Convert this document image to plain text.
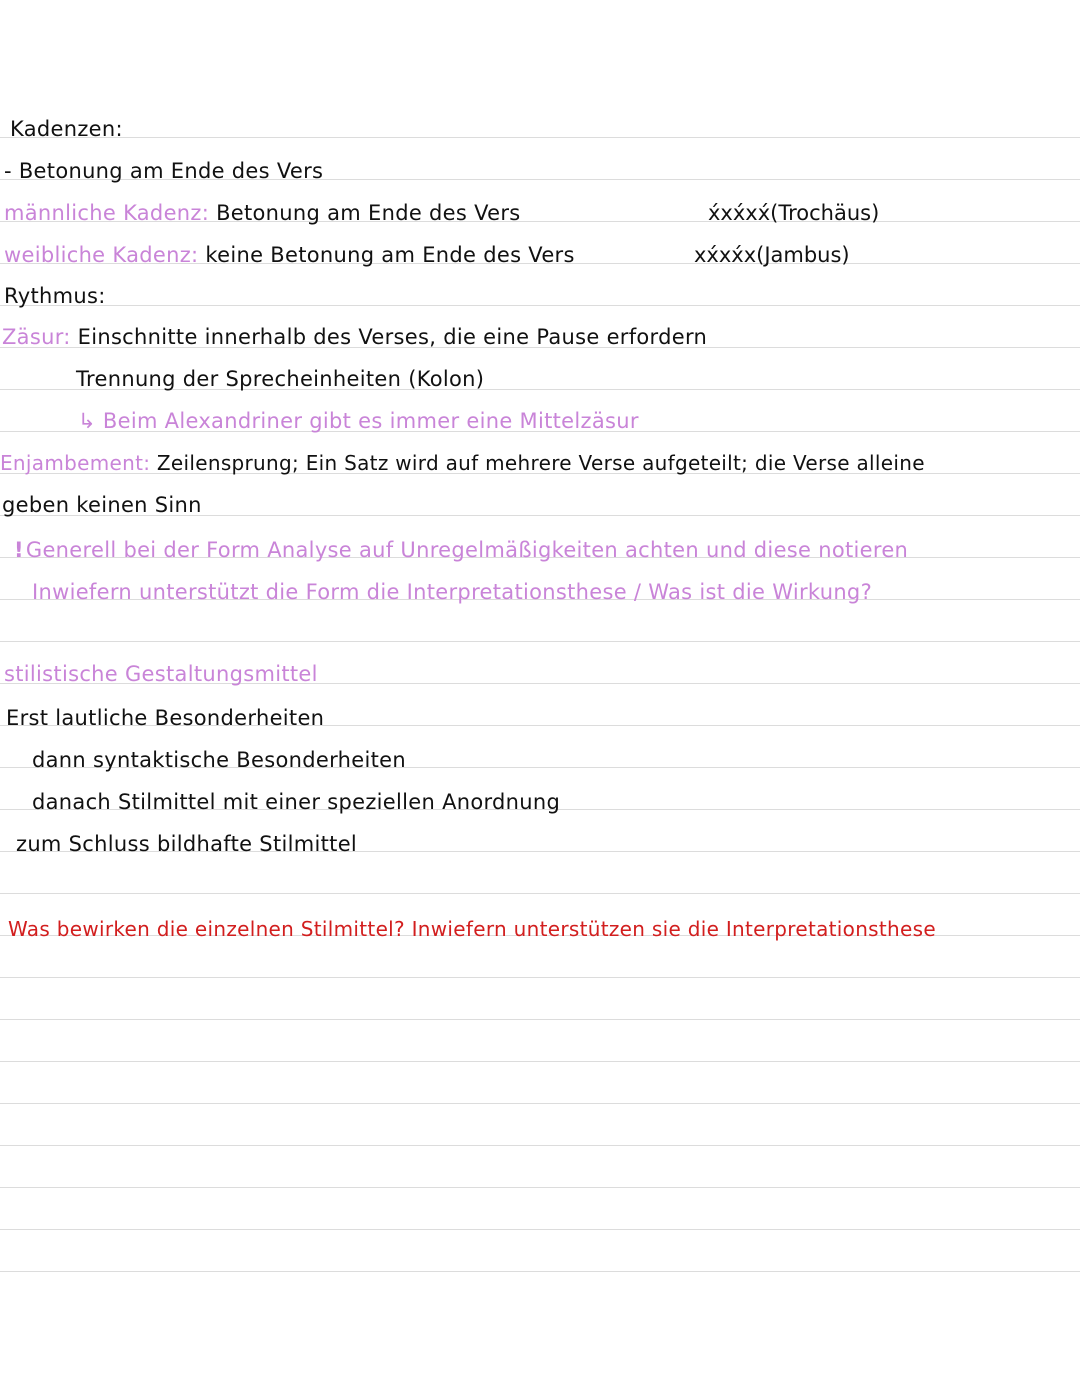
Kadenzen:
- Betonung am Ende des Vers
männliche Kadenz: Betonung am Ende des Vers	x́xx́xx́(Trochäus)
weibliche Kadenz: keine Betonung am Ende des Vers	xx́xx́x(Jambus)
Rythmus:
Zäsur: Einschnitte innerhalb des Verses, die eine Pause erfordern
Trennung der Sprecheinheiten (Kolon)
↳ Beim Alexandriner gibt es immer eine Mittelzäsur
Enjambement: Zeilensprung; Ein Satz wird auf mehrere Verse aufgeteilt; die Verse alleine
geben keinen Sinn
!Generell bei der Form Analyse auf Unregelmäßigkeiten achten und diese notieren
Inwiefern unterstützt die Form die Interpretationsthese / Was ist die Wirkung?
stilistische Gestaltungsmittel
Erst lautliche Besonderheiten
dann syntaktische Besonderheiten
danach Stilmittel mit einer speziellen Anordnung
zum Schluss bildhafte Stilmittel
Was bewirken die einzelnen Stilmittel? Inwiefern unterstützen sie die Interpretationsthese
